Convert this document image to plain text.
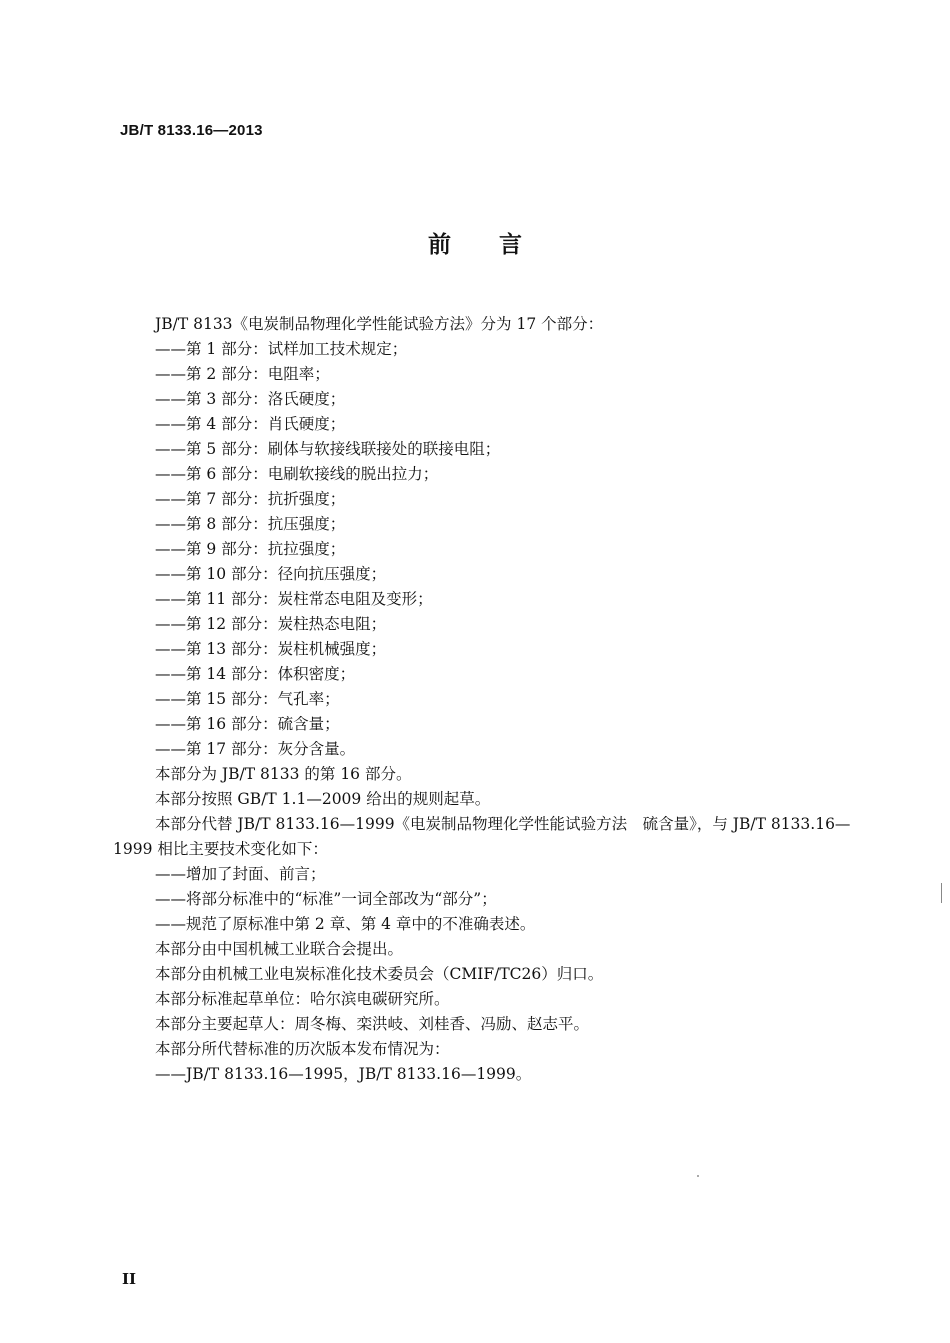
JB/T 8133.16—2013
前言
JB/T 8133《电炭制品物理化学性能试验方法》分为 17 个部分：
——第 1 部分：试样加工技术规定；
——第 2 部分：电阻率；
——第 3 部分：洛氏硬度；
——第 4 部分：肖氏硬度；
——第 5 部分：刷体与软接线联接处的联接电阻；
——第 6 部分：电刷软接线的脱出拉力；
——第 7 部分：抗折强度；
——第 8 部分：抗压强度；
——第 9 部分：抗拉强度；
——第 10 部分：径向抗压强度；
——第 11 部分：炭柱常态电阻及变形；
——第 12 部分：炭柱热态电阻；
——第 13 部分：炭柱机械强度；
——第 14 部分：体积密度；
——第 15 部分：气孔率；
——第 16 部分：硫含量；
——第 17 部分：灰分含量。
本部分为 JB/T 8133 的第 16 部分。
本部分按照 GB/T 1.1—2009 给出的规则起草。
本部分代替 JB/T 8133.16—1999《电炭制品物理化学性能试验方法　硫含量》，与 JB/T 8133.16—
1999 相比主要技术变化如下：
——增加了封面、前言；
——将部分标准中的“标准”一词全部改为“部分”；
——规范了原标准中第 2 章、第 4 章中的不准确表述。
本部分由中国机械工业联合会提出。
本部分由机械工业电炭标准化技术委员会（CMIF/TC26）归口。
本部分标准起草单位：哈尔滨电碳研究所。
本部分主要起草人：周冬梅、栾洪岐、刘桂香、冯励、赵志平。
本部分所代替标准的历次版本发布情况为：
——JB/T 8133.16—1995，JB/T 8133.16—1999。
II
